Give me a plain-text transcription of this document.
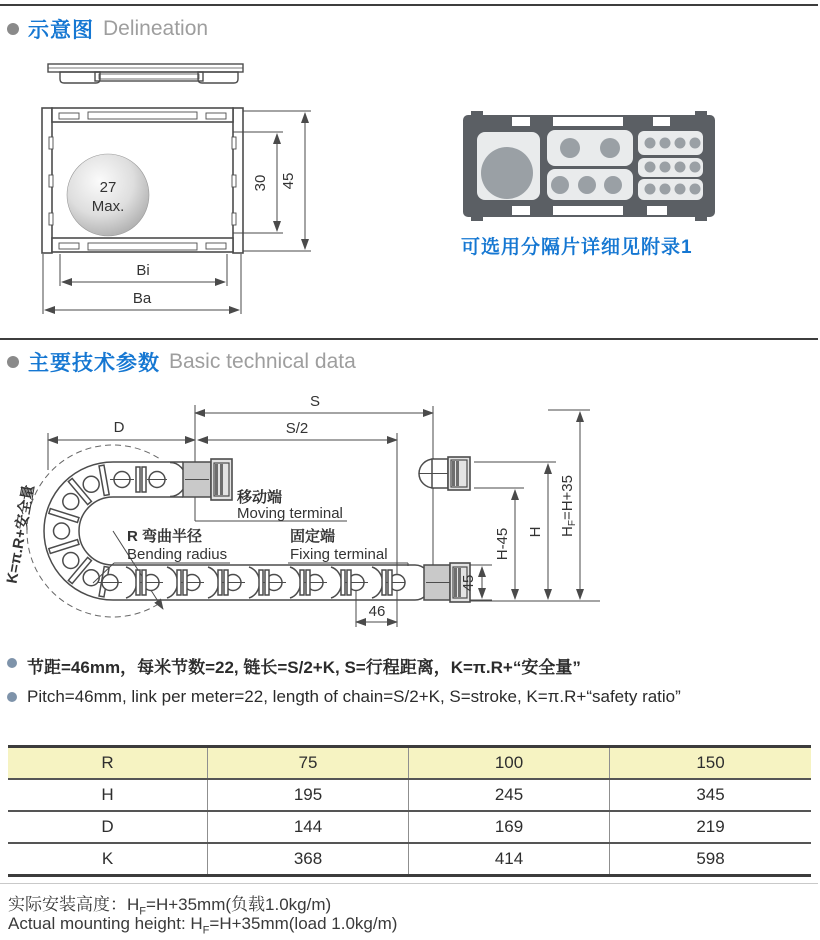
示意图 Delineation
27
Max.
30 45
Bi
Ba
可选用分隔片详细见附录1
主要技术参数 Basic technical data
D
S
S/2
46
45
H-45 H $H_F=H+35$
K=π.R+安全量	移动端
Moving terminal
R 弯曲半径
Bending radius
固定端
Fixing terminal
节距=46mm，每米节数=22, 链长=S/2+K, S=行程距离，K=π.R+“安全量”
Pitch=46mm, link per meter=22, length of chain=S/2+K, S=stroke, K=π.R+“safety ratio”
R	75	100	150
H	195	245	345
D	144	169	219
K	368	414	598
实际安装高度：$H_F=H+35mm$(负载1.0kg/m)
Actual mounting height: $H_F=H+35mm(load$ 1.0kg/m)
